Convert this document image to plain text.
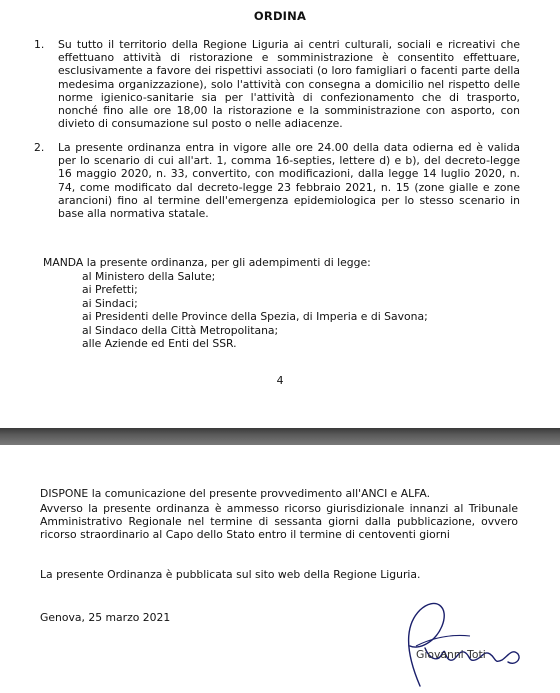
ORDINA
1.	Su tutto il territorio della Regione Liguria ai centri culturali, sociali e ricreativi che effettuano attività di ristorazione e somministrazione è consentito effettuare, esclusivamente a favore dei rispettivi associati (o loro famigliari o facenti parte della medesima organizzazione), solo l'attività con consegna a domicilio nel rispetto delle norme igienico-sanitarie sia per l'attività di confezionamento che di trasporto, nonché fino alle ore 18,00 la ristorazione e la somministrazione con asporto, con divieto di consumazione sul posto o nelle adiacenze.
2.	La presente ordinanza entra in vigore alle ore 24.00 della data odierna ed è valida per lo scenario di cui all'art. 1, comma 16-septies, lettere d) e b), del decreto-legge 16 maggio 2020, n. 33, convertito, con modificazioni, dalla legge 14 luglio 2020, n. 74, come modificato dal decreto-legge 23 febbraio 2021, n. 15 (zone gialle e zone arancioni) fino al termine dell'emergenza epidemiologica per lo stesso scenario in base alla normativa statale.
MANDA la presente ordinanza, per gli adempimenti di legge:
al Ministero della Salute;
ai Prefetti;
ai Sindaci;
ai Presidenti delle Province della Spezia, di Imperia e di Savona;
al Sindaco della Città Metropolitana;
alle Aziende ed Enti del SSR.
4
DISPONE la comunicazione del presente provvedimento all'ANCI e ALFA.
Avverso la presente ordinanza è ammesso ricorso giurisdizionale innanzi al Tribunale Amministrativo Regionale nel termine di sessanta giorni dalla pubblicazione, ovvero ricorso straordinario al Capo dello Stato entro il termine di centoventi giorni
La presente Ordinanza è pubblicata sul sito web della Regione Liguria.
Genova, 25 marzo 2021
Giovanni Toti
